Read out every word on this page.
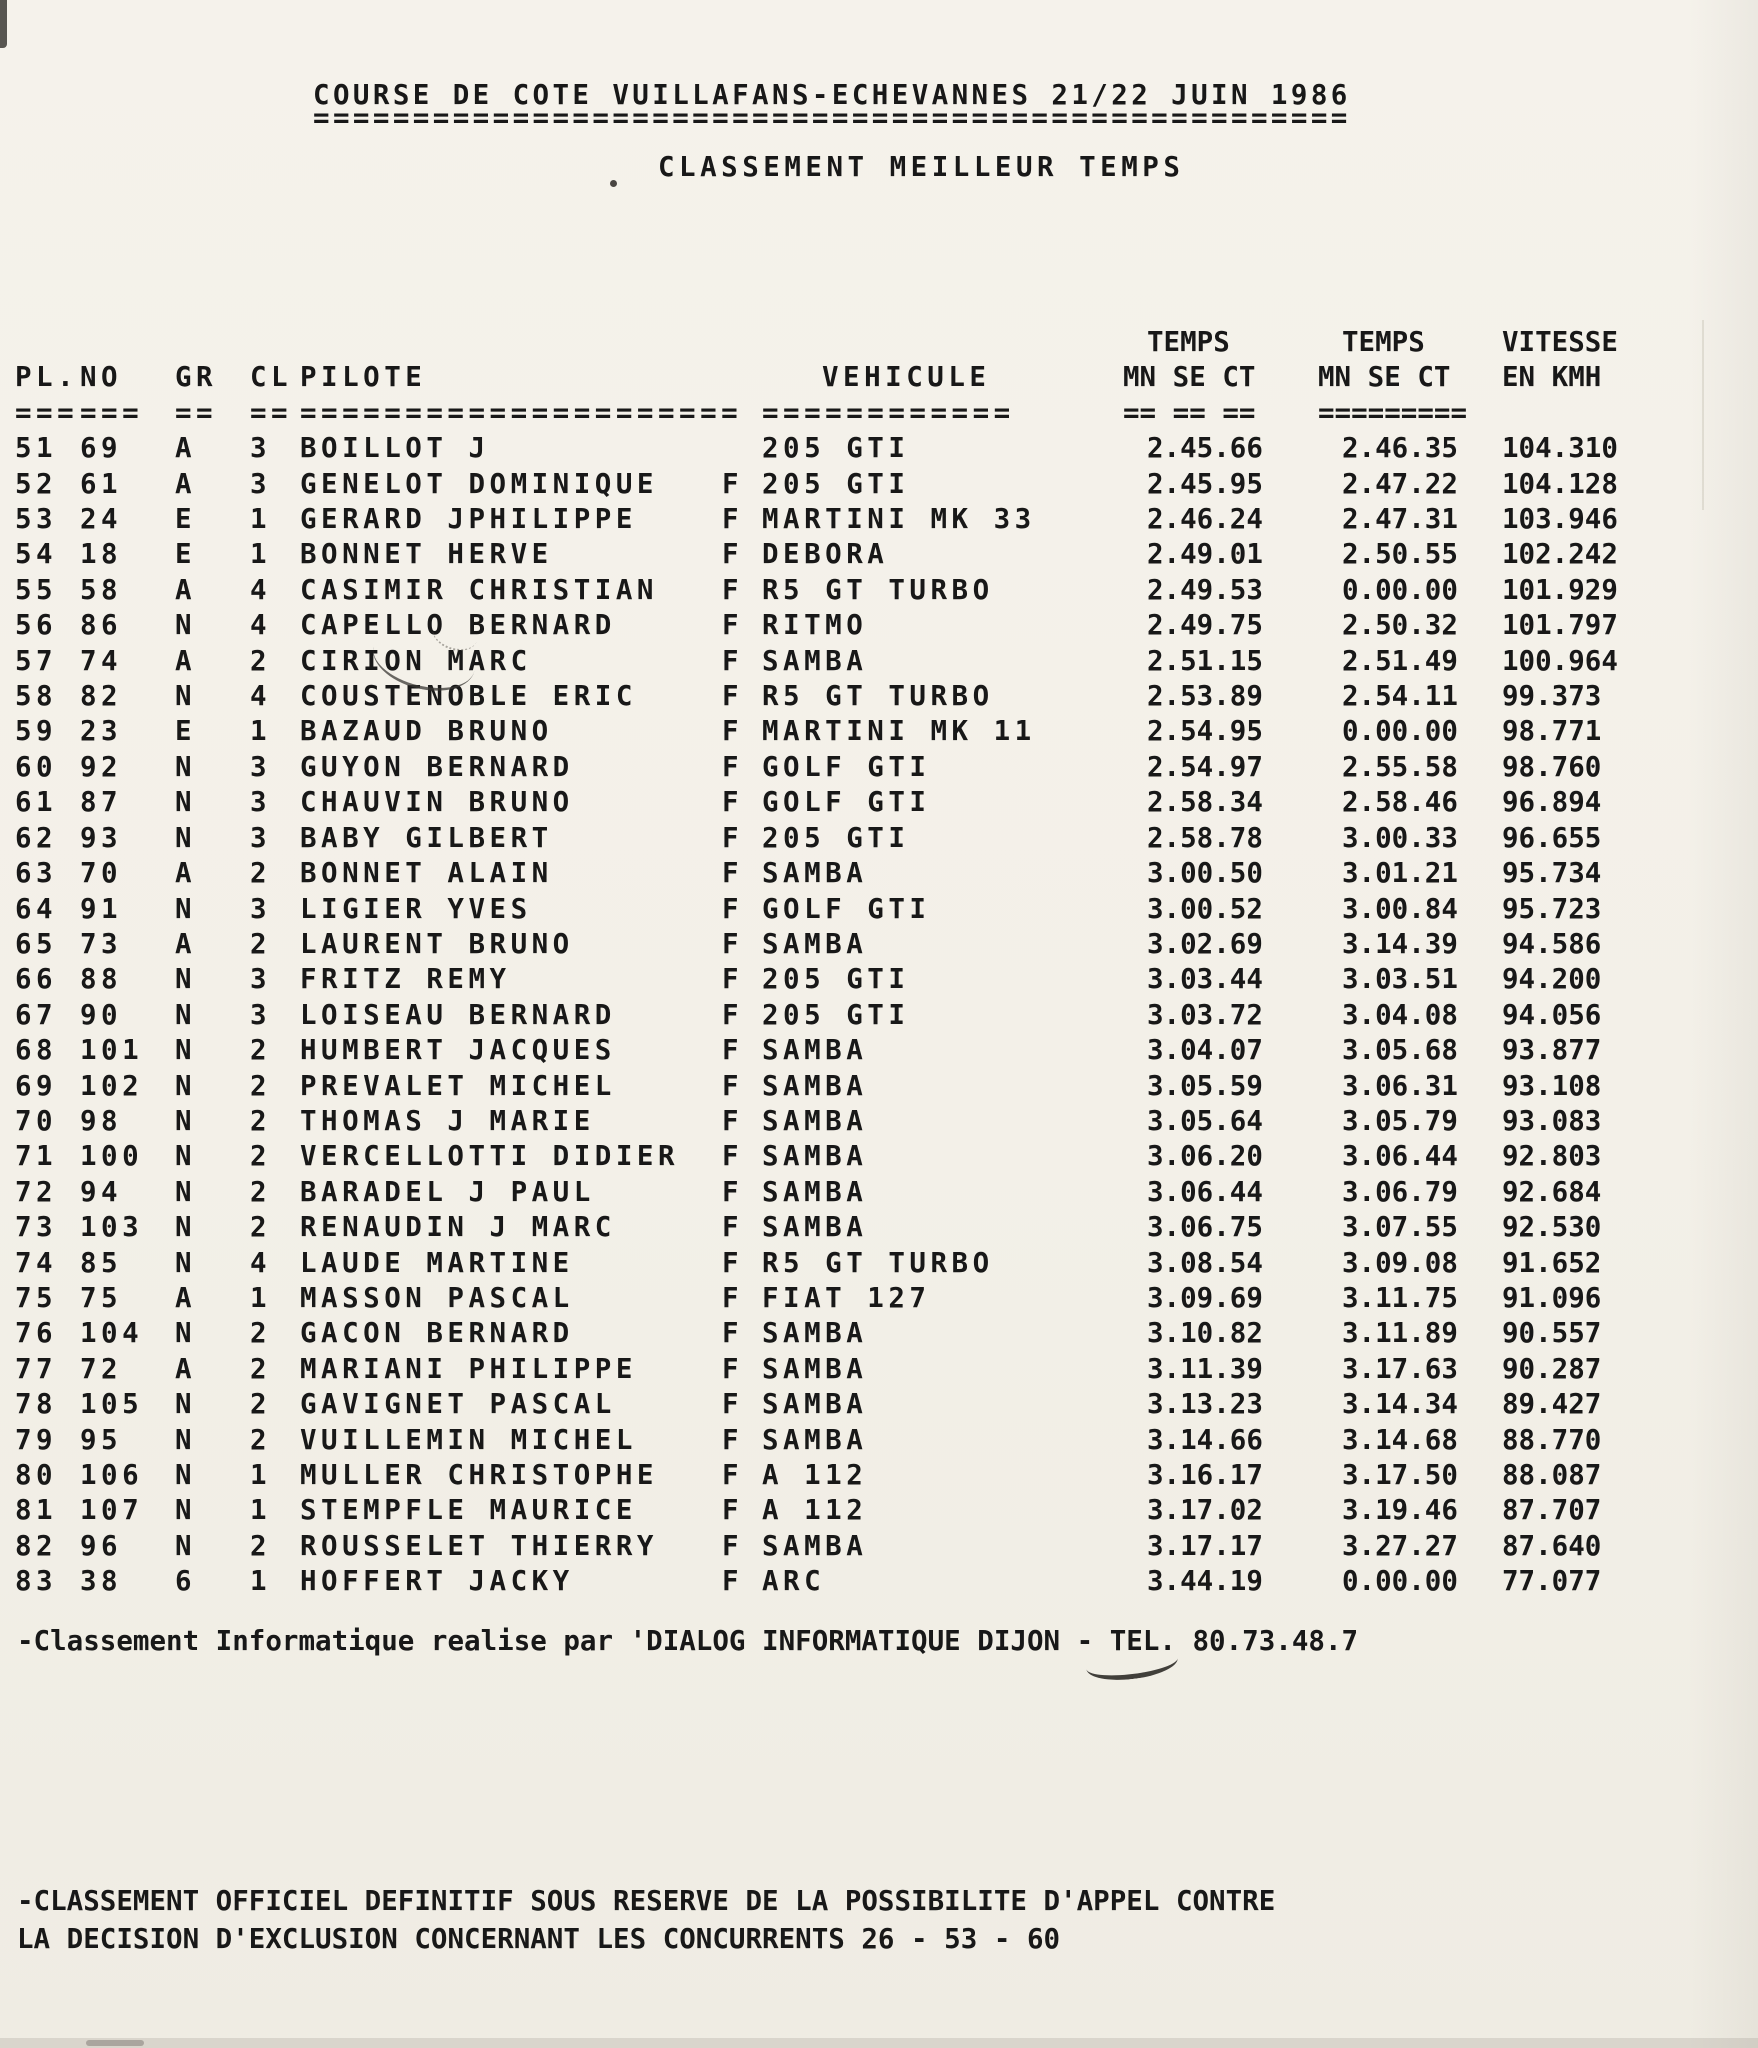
COURSE DE COTE VUILLAFANS-ECHEVANNES 21/22 JUIN 1986
====================================================
CLASSEMENT MEILLEUR TEMPS
							TEMPS	TEMPS	VITESSE
PL.	NO	GR	CL	PILOTE		VEHICULE	MN SE CT	MN SE CT	EN KMH
===	===	==	==	=====================		============	== == ==	=========	
51	69	A	3	BOILLOT J		205 GTI	2.45.66	2.46.35	104.310
52	61	A	3	GENELOT DOMINIQUE	F	205 GTI	2.45.95	2.47.22	104.128
53	24	E	1	GERARD JPHILIPPE	F	MARTINI MK 33	2.46.24	2.47.31	103.946
54	18	E	1	BONNET HERVE	F	DEBORA	2.49.01	2.50.55	102.242
55	58	A	4	CASIMIR CHRISTIAN	F	R5 GT TURBO	2.49.53	0.00.00	101.929
56	86	N	4	CAPELLO BERNARD	F	RITMO	2.49.75	2.50.32	101.797
57	74	A	2	CIRION MARC	F	SAMBA	2.51.15	2.51.49	100.964
58	82	N	4	COUSTENOBLE ERIC	F	R5 GT TURBO	2.53.89	2.54.11	99.373
59	23	E	1	BAZAUD BRUNO	F	MARTINI MK 11	2.54.95	0.00.00	98.771
60	92	N	3	GUYON BERNARD	F	GOLF GTI	2.54.97	2.55.58	98.760
61	87	N	3	CHAUVIN BRUNO	F	GOLF GTI	2.58.34	2.58.46	96.894
62	93	N	3	BABY GILBERT	F	205 GTI	2.58.78	3.00.33	96.655
63	70	A	2	BONNET ALAIN	F	SAMBA	3.00.50	3.01.21	95.734
64	91	N	3	LIGIER YVES	F	GOLF GTI	3.00.52	3.00.84	95.723
65	73	A	2	LAURENT BRUNO	F	SAMBA	3.02.69	3.14.39	94.586
66	88	N	3	FRITZ REMY	F	205 GTI	3.03.44	3.03.51	94.200
67	90	N	3	LOISEAU BERNARD	F	205 GTI	3.03.72	3.04.08	94.056
68	101	N	2	HUMBERT JACQUES	F	SAMBA	3.04.07	3.05.68	93.877
69	102	N	2	PREVALET MICHEL	F	SAMBA	3.05.59	3.06.31	93.108
70	98	N	2	THOMAS J MARIE	F	SAMBA	3.05.64	3.05.79	93.083
71	100	N	2	VERCELLOTTI DIDIER	F	SAMBA	3.06.20	3.06.44	92.803
72	94	N	2	BARADEL J PAUL	F	SAMBA	3.06.44	3.06.79	92.684
73	103	N	2	RENAUDIN J MARC	F	SAMBA	3.06.75	3.07.55	92.530
74	85	N	4	LAUDE MARTINE	F	R5 GT TURBO	3.08.54	3.09.08	91.652
75	75	A	1	MASSON PASCAL	F	FIAT 127	3.09.69	3.11.75	91.096
76	104	N	2	GACON BERNARD	F	SAMBA	3.10.82	3.11.89	90.557
77	72	A	2	MARIANI PHILIPPE	F	SAMBA	3.11.39	3.17.63	90.287
78	105	N	2	GAVIGNET PASCAL	F	SAMBA	3.13.23	3.14.34	89.427
79	95	N	2	VUILLEMIN MICHEL	F	SAMBA	3.14.66	3.14.68	88.770
80	106	N	1	MULLER CHRISTOPHE	F	A 112	3.16.17	3.17.50	88.087
81	107	N	1	STEMPFLE MAURICE	F	A 112	3.17.02	3.19.46	87.707
82	96	N	2	ROUSSELET THIERRY	F	SAMBA	3.17.17	3.27.27	87.640
83	38	6	1	HOFFERT JACKY	F	ARC	3.44.19	0.00.00	77.077
-Classement Informatique realise par 'DIALOG INFORMATIQUE DIJON - TEL. 80.73.48.7
-CLASSEMENT OFFICIEL DEFINITIF SOUS RESERVE DE LA POSSIBILITE D'APPEL CONTRE
LA DECISION D'EXCLUSION CONCERNANT LES CONCURRENTS 26 - 53 - 60
